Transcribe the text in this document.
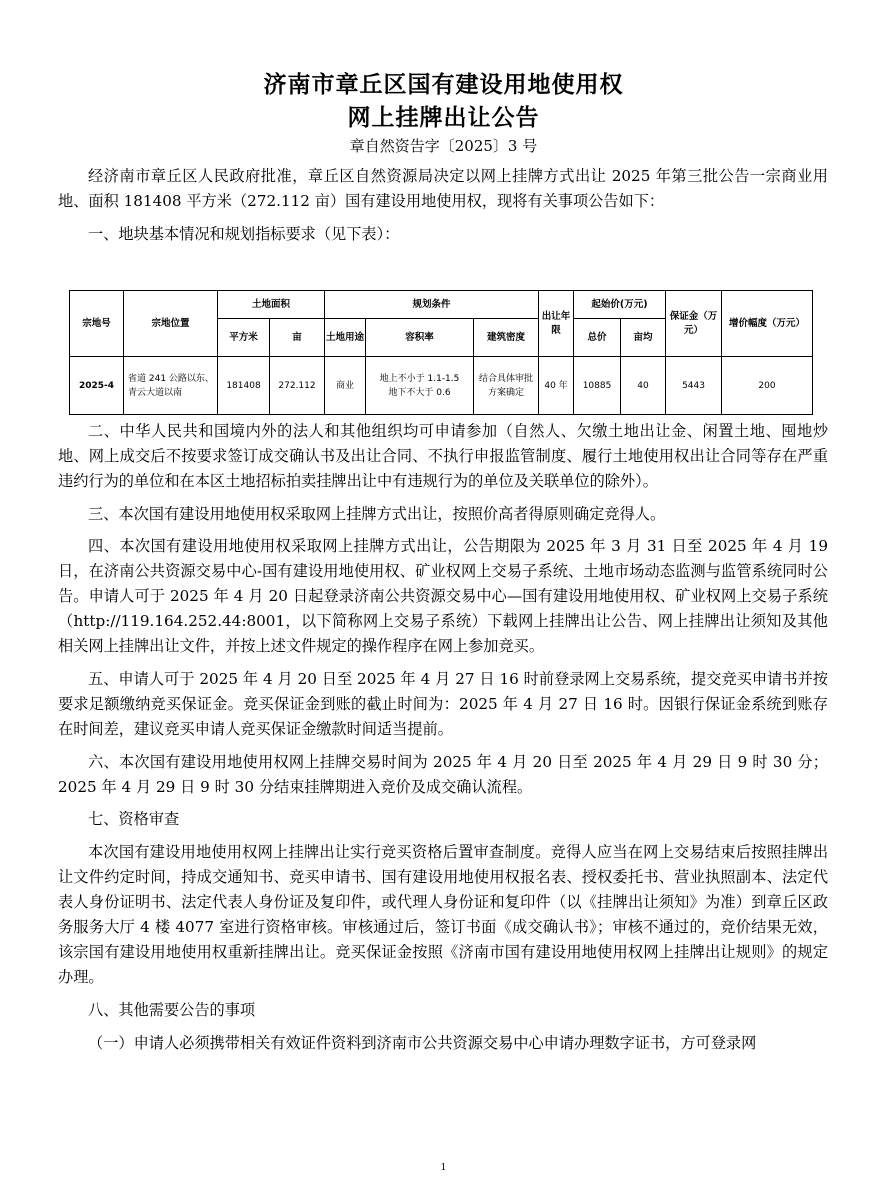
济南市章丘区国有建设用地使用权
网上挂牌出让公告
章自然资告字〔2025〕3 号

经济南市章丘区人民政府批准，章丘区自然资源局决定以网上挂牌方式出让 2025 年第三批公告一宗商业用地、面积 181408 平方米（272.112 亩）国有建设用地使用权，现将有关事项公告如下：

一、地块基本情况和规划指标要求（见下表）：

宗地号	宗地位置	土地面积		规划条件			出让年限	起始价(万元)		保证金（万元）	增价幅度（万元）
		平方米	亩	土地用途	容积率	建筑密度		总价	亩均		
2025-4	省道 241 公路以东、青云大道以南	181408	272.112	商业	地上不小于 1.1-1.5
地下不大于 0.6	结合具体审批方案确定	40 年	10885	40	5443	200

二、中华人民共和国境内外的法人和其他组织均可申请参加（自然人、欠缴土地出让金、闲置土地、囤地炒地、网上成交后不按要求签订成交确认书及出让合同、不执行申报监管制度、履行土地使用权出让合同等存在严重违约行为的单位和在本区土地招标拍卖挂牌出让中有违规行为的单位及关联单位的除外）。

三、本次国有建设用地使用权采取网上挂牌方式出让，按照价高者得原则确定竞得人。

四、本次国有建设用地使用权采取网上挂牌方式出让，公告期限为 2025 年 3 月 31 日至 2025 年 4 月 19 日，在济南公共资源交易中心-国有建设用地使用权、矿业权网上交易子系统、土地市场动态监测与监管系统同时公告。申请人可于 2025 年 4 月 20 日起登录济南公共资源交易中心—国有建设用地使用权、矿业权网上交易子系统（http://119.164.252.44:8001，以下简称网上交易子系统）下载网上挂牌出让公告、网上挂牌出让须知及其他相关网上挂牌出让文件，并按上述文件规定的操作程序在网上参加竞买。

五、申请人可于 2025 年 4 月 20 日至 2025 年 4 月 27 日 16 时前登录网上交易系统，提交竞买申请书并按要求足额缴纳竞买保证金。竞买保证金到账的截止时间为：2025 年 4 月 27 日 16 时。因银行保证金系统到账存在时间差，建议竞买申请人竞买保证金缴款时间适当提前。

六、本次国有建设用地使用权网上挂牌交易时间为 2025 年 4 月 20 日至 2025 年 4 月 29 日 9 时 30 分；2025 年 4 月 29 日 9 时 30 分结束挂牌期进入竞价及成交确认流程。

七、资格审查

本次国有建设用地使用权网上挂牌出让实行竞买资格后置审查制度。竞得人应当在网上交易结束后按照挂牌出让文件约定时间，持成交通知书、竞买申请书、国有建设用地使用权报名表、授权委托书、营业执照副本、法定代表人身份证明书、法定代表人身份证及复印件，或代理人身份证和复印件（以《挂牌出让须知》为准）到章丘区政务服务大厅 4 楼 4077 室进行资格审核。审核通过后，签订书面《成交确认书》；审核不通过的，竞价结果无效，该宗国有建设用地使用权重新挂牌出让。竞买保证金按照《济南市国有建设用地使用权网上挂牌出让规则》的规定办理。

八、其他需要公告的事项

（一）申请人必须携带相关有效证件资料到济南市公共资源交易中心申请办理数字证书，方可登录网

1
